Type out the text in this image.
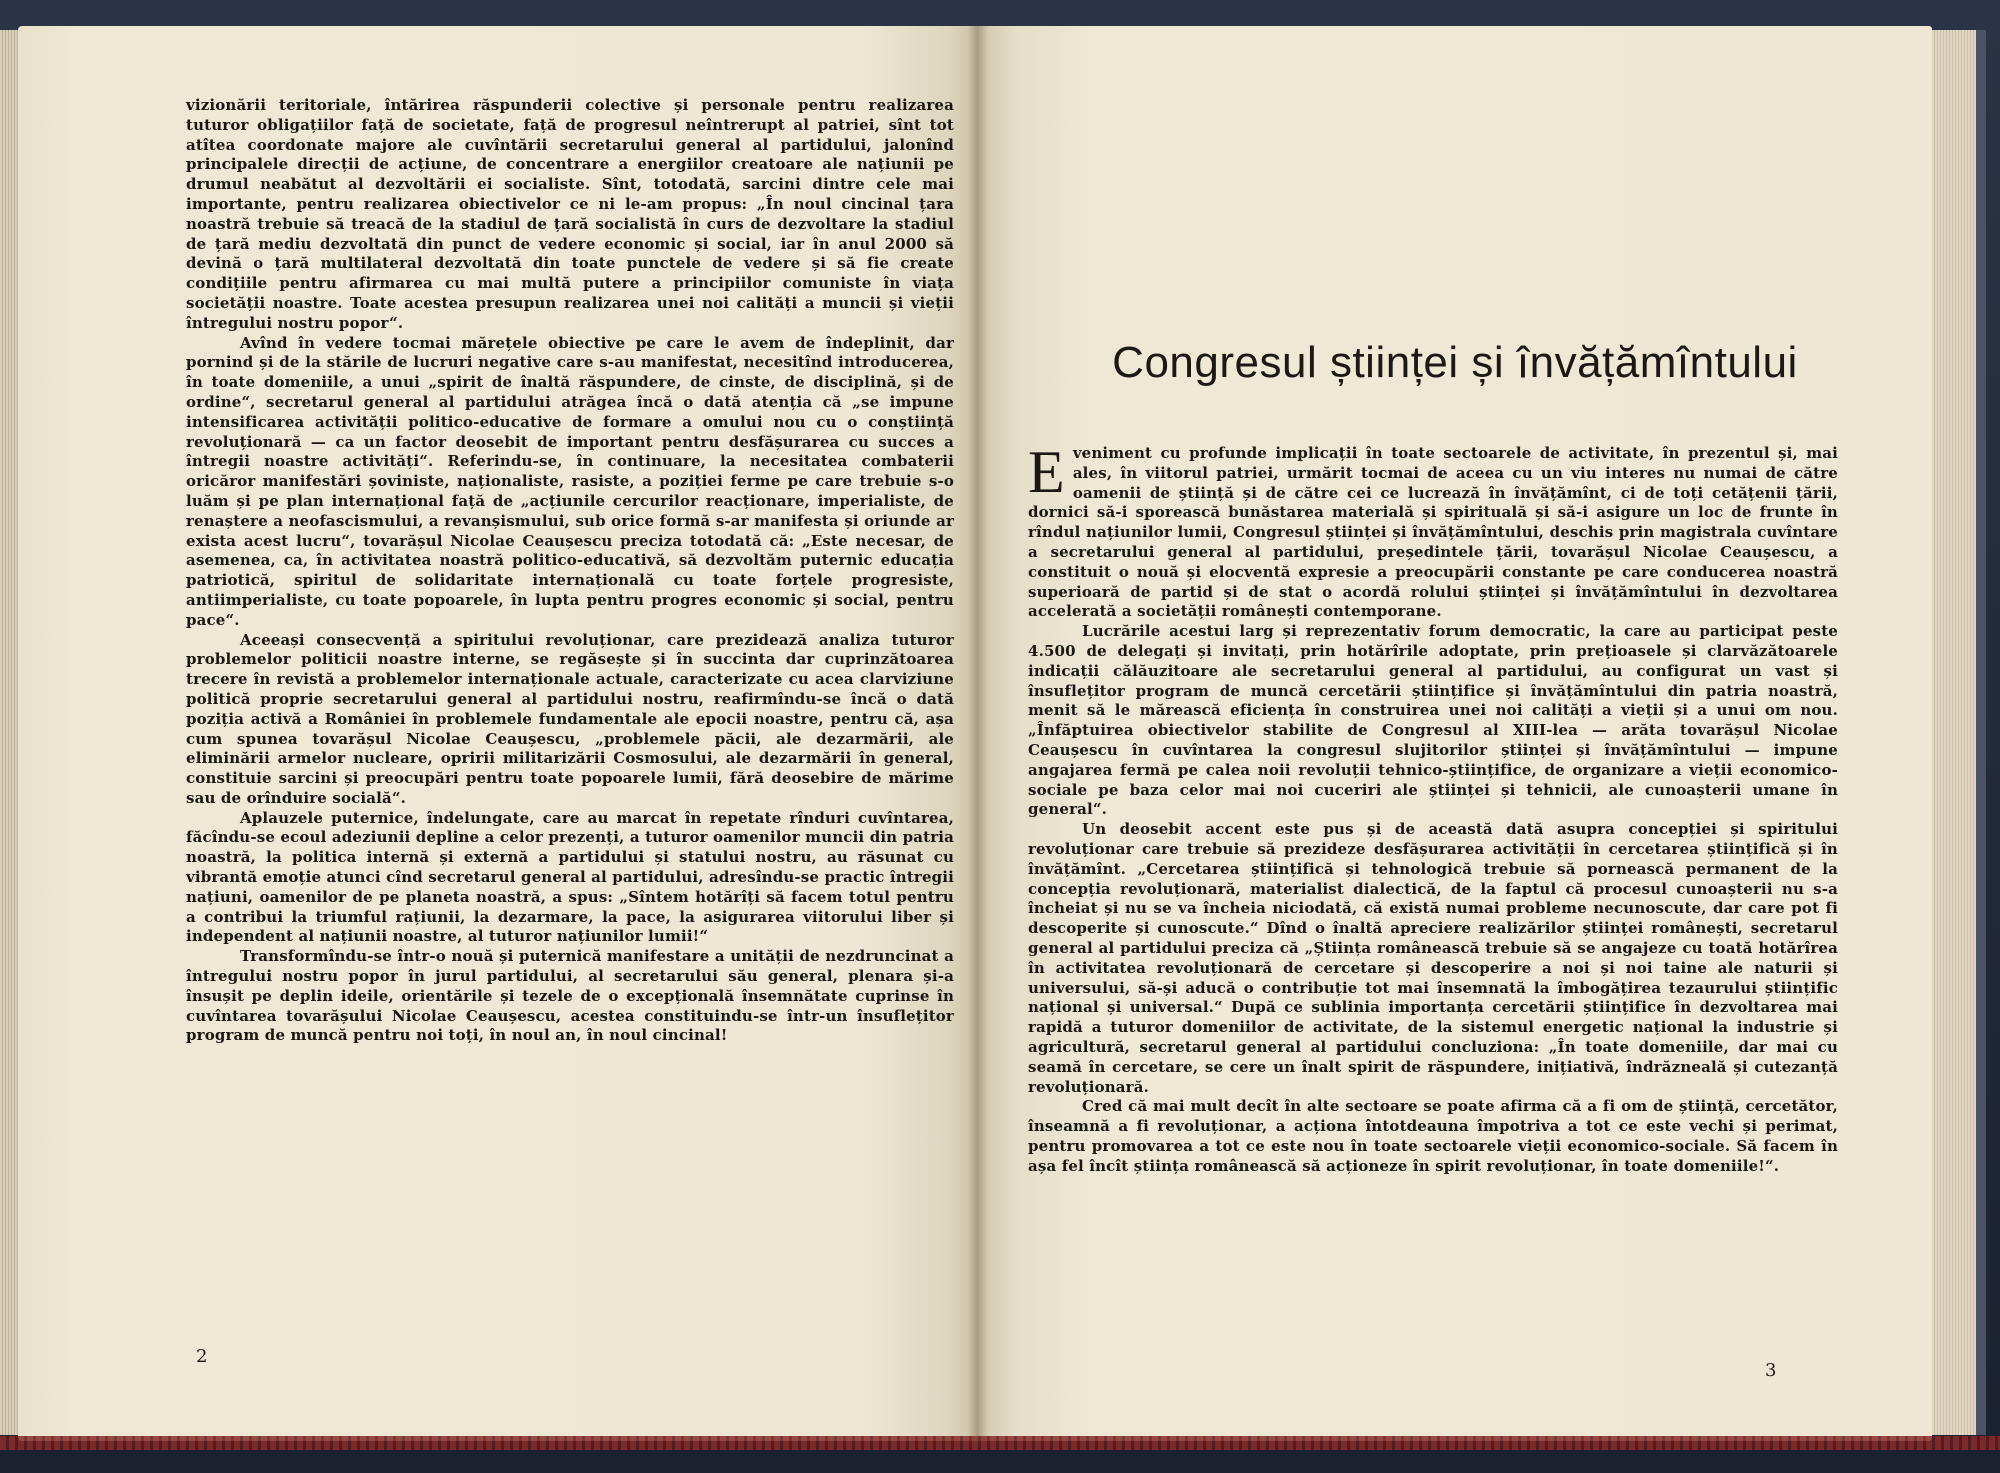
vizionării teritoriale, întărirea răspunderii colective și personale pentru realizarea tuturor obligațiilor față de societate, față de progresul neîntrerupt al patriei, sînt tot atîtea coordonate majore ale cuvîntării secretarului general al partidului, jalonînd principalele direcții de acțiune, de concentrare a energiilor creatoare ale națiunii pe drumul neabătut al dezvoltării ei socialiste. Sînt, totodată, sarcini dintre cele mai importante, pentru realizarea obiectivelor ce ni le-am propus: „În noul cincinal țara noastră trebuie să treacă de la stadiul de țară socialistă în curs de dezvoltare la stadiul de țară mediu dezvoltată din punct de vedere economic și social, iar în anul 2000 să devină o țară multilateral dezvoltată din toate punctele de vedere și să fie create condițiile pentru afirmarea cu mai multă putere a principiilor comuniste în viața societății noastre. Toate acestea presupun realizarea unei noi calități a muncii și vieții întregului nostru popor“.

Avînd în vedere tocmai mărețele obiective pe care le avem de îndeplinit, dar pornind și de la stările de lucruri negative care s-au manifestat, necesitînd introducerea, în toate domeniile, a unui „spirit de înaltă răspundere, de cinste, de disciplină, și de ordine“, secretarul general al partidului atrăgea încă o dată atenția că „se impune intensificarea activității politico-educative de formare a omului nou cu o conștiință revoluționară — ca un factor deosebit de important pentru desfășurarea cu succes a întregii noastre activități“. Referindu-se, în continuare, la necesitatea combaterii oricăror manifestări șoviniste, naționaliste, rasiste, a poziției ferme pe care trebuie s-o luăm și pe plan internațional față de „acțiunile cercurilor reacționare, imperialiste, de renaștere a neofascismului, a revanșismului, sub orice formă s-ar manifesta și oriunde ar exista acest lucru“, tovarășul Nicolae Ceaușescu preciza totodată că: „Este necesar, de asemenea, ca, în activitatea noastră politico-educativă, să dezvoltăm puternic educația patriotică, spiritul de solidaritate internațională cu toate forțele progresiste, antiimperialiste, cu toate popoarele, în lupta pentru progres economic și social, pentru pace“.

Aceeași consecvență a spiritului revoluționar, care prezidează analiza tuturor problemelor politicii noastre interne, se regăsește și în succinta dar cuprinzătoarea trecere în revistă a problemelor internaționale actuale, caracterizate cu acea clarviziune politică proprie secretarului general al partidului nostru, reafirmîndu-se încă o dată poziția activă a României în problemele fundamentale ale epocii noastre, pentru că, așa cum spunea tovarășul Nicolae Ceaușescu, „problemele păcii, ale dezarmării, ale eliminării armelor nucleare, opririi militarizării Cosmosului, ale dezarmării în general, constituie sarcini și preocupări pentru toate popoarele lumii, fără deosebire de mărime sau de orînduire socială“.

Aplauzele puternice, îndelungate, care au marcat în repetate rînduri cuvîntarea, făcîndu-se ecoul adeziunii depline a celor prezenți, a tuturor oamenilor muncii din patria noastră, la politica internă și externă a partidului și statului nostru, au răsunat cu vibrantă emoție atunci cînd secretarul general al partidului, adresîndu-se practic întregii națiuni, oamenilor de pe planeta noastră, a spus: „Sîntem hotărîți să facem totul pentru a contribui la triumful rațiunii, la dezarmare, la pace, la asigurarea viitorului liber și independent al națiunii noastre, al tuturor națiunilor lumii!“

Transformîndu-se într-o nouă și puternică manifestare a unității de nezdruncinat a întregului nostru popor în jurul partidului, al secretarului său general, plenara și-a însușit pe deplin ideile, orientările și tezele de o excepțională însemnătate cuprinse în cuvîntarea tovarășului Nicolae Ceaușescu, acestea constituindu-se într-un însuflețitor program de muncă pentru noi toți, în noul an, în noul cincinal!

2
Congresul științei și învățămîntului

Eveniment cu profunde implicații în toate sectoarele de activitate, în prezentul și, mai ales, în viitorul patriei, urmărit tocmai de aceea cu un viu interes nu numai de către oamenii de știință și de către cei ce lucrează în învățămînt, ci de toți cetățenii țării, dornici să-i sporească bunăstarea materială și spirituală și să-i asigure un loc de frunte în rîndul națiunilor lumii, Congresul științei și învățămîntului, deschis prin magistrala cuvîntare a secretarului general al partidului, președintele țării, tovarășul Nicolae Ceaușescu, a constituit o nouă și elocventă expresie a preocupării constante pe care conducerea noastră superioară de partid și de stat o acordă rolului științei și învățămîntului în dezvoltarea accelerată a societății românești contemporane.

Lucrările acestui larg și reprezentativ forum democratic, la care au participat peste 4.500 de delegați și invitați, prin hotărîrile adoptate, prin prețioasele și clarvăzătoarele indicații călăuzitoare ale secretarului general al partidului, au configurat un vast și însuflețitor program de muncă cercetării științifice și învățămîntului din patria noastră, menit să le mărească eficiența în construirea unei noi calități a vieții și a unui om nou. „Înfăptuirea obiectivelor stabilite de Congresul al XIII-lea — arăta tovarășul Nicolae Ceaușescu în cuvîntarea la congresul slujitorilor științei și învățămîntului — impune angajarea fermă pe calea noii revoluții tehnico-științifice, de organizare a vieții economico-sociale pe baza celor mai noi cuceriri ale științei și tehnicii, ale cunoașterii umane în general“.

Un deosebit accent este pus și de această dată asupra concepției și spiritului revoluționar care trebuie să prezideze desfășurarea activității în cercetarea științifică și în învățămînt. „Cercetarea științifică și tehnologică trebuie să pornească permanent de la concepția revoluționară, materialist dialectică, de la faptul că procesul cunoașterii nu s-a încheiat și nu se va încheia niciodată, că există numai probleme necunoscute, dar care pot fi descoperite și cunoscute.“ Dînd o înaltă apreciere realizărilor științei românești, secretarul general al partidului preciza că „Știința românească trebuie să se angajeze cu toată hotărîrea în activitatea revoluționară de cercetare și descoperire a noi și noi taine ale naturii și universului, să-și aducă o contribuție tot mai însemnată la îmbogățirea tezaurului științific național și universal.“ După ce sublinia importanța cercetării științifice în dezvoltarea mai rapidă a tuturor domeniilor de activitate, de la sistemul energetic național la industrie și agricultură, secretarul general al partidului concluziona: „În toate domeniile, dar mai cu seamă în cercetare, se cere un înalt spirit de răspundere, inițiativă, îndrăzneală și cutezanță revoluționară.

Cred că mai mult decît în alte sectoare se poate afirma că a fi om de știință, cercetător, înseamnă a fi revoluționar, a acționa întotdeauna împotriva a tot ce este vechi și perimat, pentru promovarea a tot ce este nou în toate sectoarele vieții economico-sociale. Să facem în așa fel încît știința românească să acționeze în spirit revoluționar, în toate domeniile!“.

3
